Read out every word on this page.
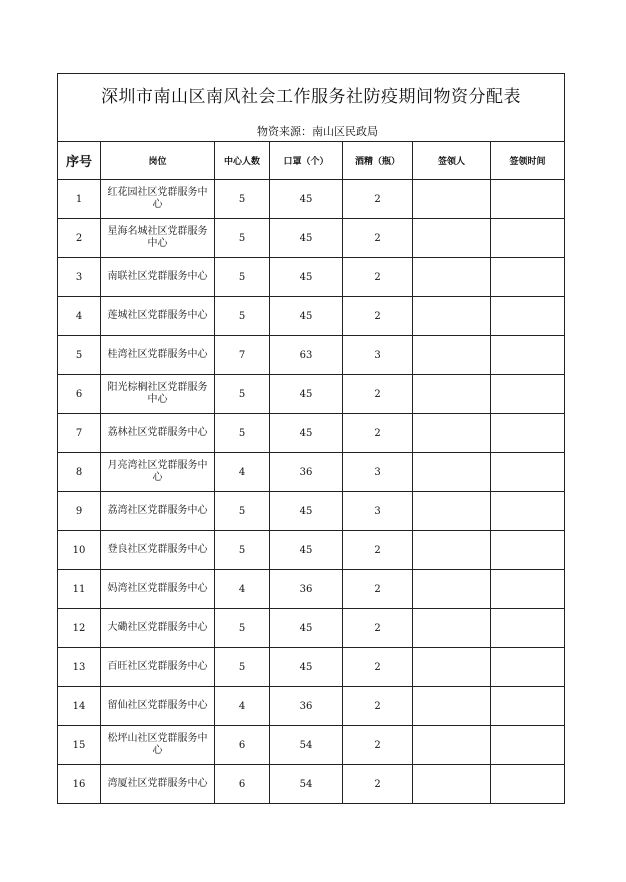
深圳市南山区南风社会工作服务社防疫期间物资分配表
物资来源：南山区民政局						

序号	岗位	中心人数	口罩（个）	酒精（瓶）	签领人	签领时间
1	红花园社区党群服务中心	5	45	2		
2	星海名城社区党群服务中心	5	45	2		
3	南联社区党群服务中心	5	45	2		
4	莲城社区党群服务中心	5	45	2		
5	桂湾社区党群服务中心	7	63	3		
6	阳光棕榈社区党群服务中心	5	45	2		
7	荔林社区党群服务中心	5	45	2		
8	月亮湾社区党群服务中心	4	36	3		
9	荔湾社区党群服务中心	5	45	3		
10	登良社区党群服务中心	5	45	2		
11	妈湾社区党群服务中心	4	36	2		
12	大磡社区党群服务中心	5	45	2		
13	百旺社区党群服务中心	5	45	2		
14	留仙社区党群服务中心	4	36	2		
15	松坪山社区党群服务中心	6	54	2		
16	湾厦社区党群服务中心	6	54	2		
